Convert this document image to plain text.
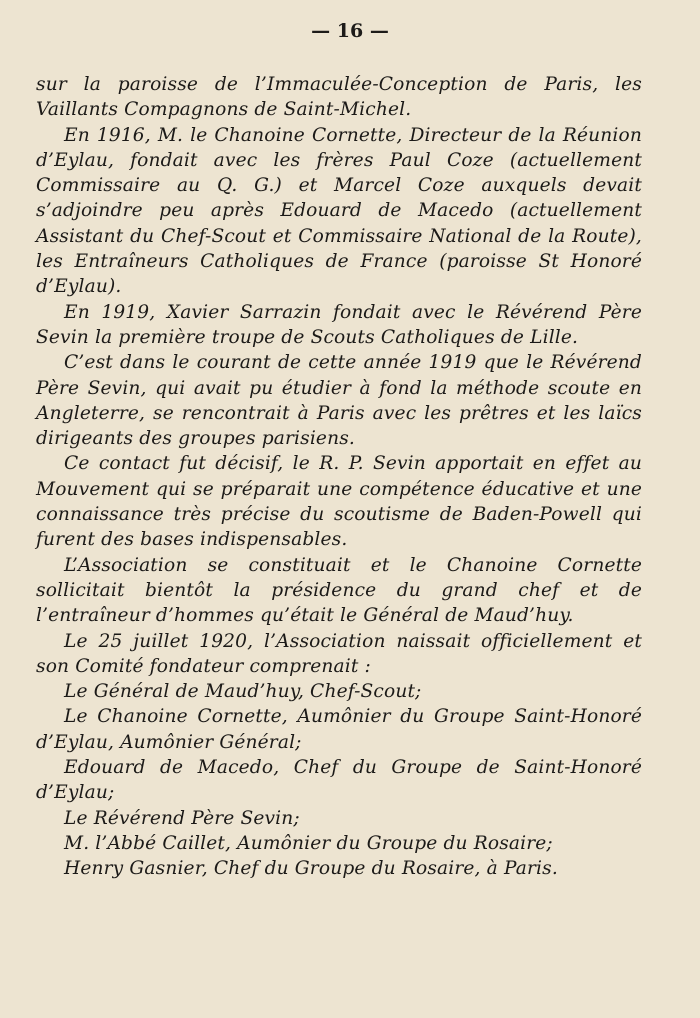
— 16 —

sur la paroisse de l’Immaculée-Conception de Paris, les Vaillants Compagnons de Saint-Michel.

En 1916, M. le Chanoine Cornette, Directeur de la Réunion d’Eylau, fondait avec les frères Paul Coze (actuellement Commissaire au Q. G.) et Marcel Coze auxquels devait s’adjoindre peu après Edouard de Macedo (actuellement Assistant du Chef-Scout et Commissaire National de la Route), les Entraîneurs Catholiques de France (paroisse St Honoré d’Eylau).

En 1919, Xavier Sarrazin fondait avec le Révérend Père Sevin la première troupe de Scouts Catholiques de Lille.

C’est dans le courant de cette année 1919 que le Révérend Père Sevin, qui avait pu étudier à fond la méthode scoute en Angleterre, se rencontrait à Paris avec les prêtres et les laïcs dirigeants des groupes parisiens.

Ce contact fut décisif, le R. P. Sevin apportait en effet au Mouvement qui se préparait une compétence éducative et une connaissance très précise du scoutisme de Baden-Powell qui furent des bases indispensables.

L’Association se constituait et le Chanoine Cornette sollicitait bientôt la présidence du grand chef et de l’entraîneur d’hommes qu’était le Général de Maud’huy.

Le 25 juillet 1920, l’Association naissait officiellement et son Comité fondateur comprenait :

Le Général de Maud’huy, Chef-Scout;

Le Chanoine Cornette, Aumônier du Groupe Saint-Honoré d’Eylau, Aumônier Général;

Edouard de Macedo, Chef du Groupe de Saint-Honoré d’Eylau;

Le Révérend Père Sevin;

M. l’Abbé Caillet, Aumônier du Groupe du Rosaire;

Henry Gasnier, Chef du Groupe du Rosaire, à Paris.
